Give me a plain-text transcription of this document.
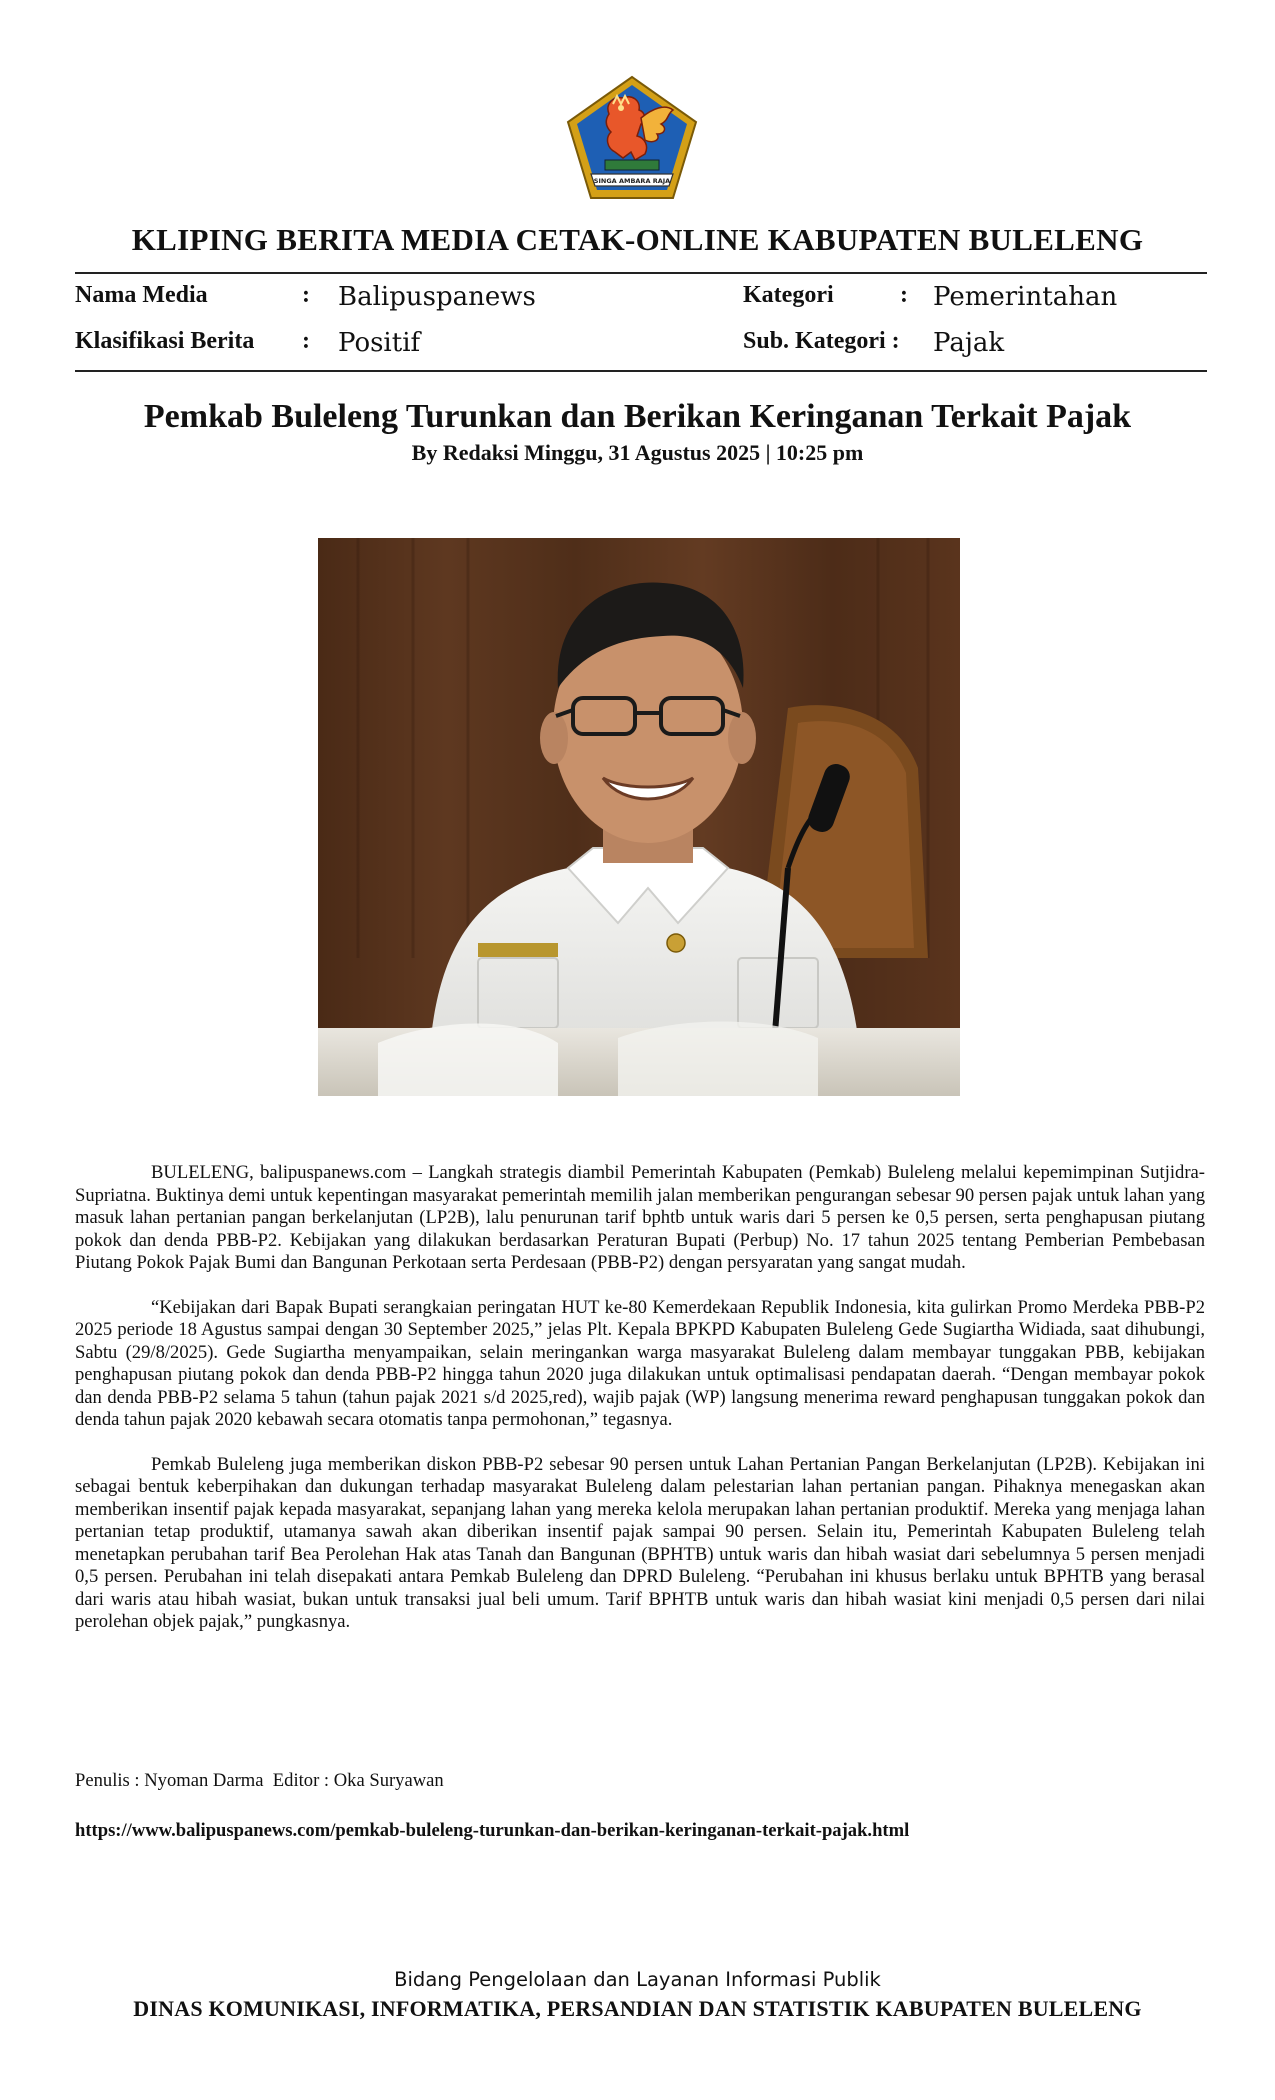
SINGA AMBARA RAJA
KLIPING BERITA MEDIA CETAK-ONLINE KABUPATEN BULELENG
Nama Media	: Balipuspanews	Kategori	: Pemerintahan
Klasifikasi Berita : Positif	Sub. Kategori : Pajak
Pemkab Buleleng Turunkan dan Berikan Keringanan Terkait Pajak
By Redaksi Minggu, 31 Agustus 2025 | 10:25 pm

BULELENG, balipuspanews.com – Langkah strategis diambil Pemerintah Kabupaten (Pemkab) Buleleng melalui kepemimpinan Sutjidra-Supriatna. Buktinya demi untuk kepentingan masyarakat pemerintah memilih jalan memberikan pengurangan sebesar 90 persen pajak untuk lahan yang masuk lahan pertanian pangan berkelanjutan (LP2B), lalu penurunan tarif bphtb untuk waris dari 5 persen ke 0,5 persen, serta penghapusan piutang pokok dan denda PBB-P2. Kebijakan yang dilakukan berdasarkan Peraturan Bupati (Perbup) No. 17 tahun 2025 tentang Pemberian Pembebasan Piutang Pokok Pajak Bumi dan Bangunan Perkotaan serta Perdesaan (PBB-P2) dengan persyaratan yang sangat mudah.

“Kebijakan dari Bapak Bupati serangkaian peringatan HUT ke-80 Kemerdekaan Republik Indonesia, kita gulirkan Promo Merdeka PBB-P2 2025 periode 18 Agustus sampai dengan 30 September 2025,” jelas Plt. Kepala BPKPD Kabupaten Buleleng Gede Sugiartha Widiada, saat dihubungi, Sabtu (29/8/2025). Gede Sugiartha menyampaikan, selain meringankan warga masyarakat Buleleng dalam membayar tunggakan PBB, kebijakan penghapusan piutang pokok dan denda PBB-P2 hingga tahun 2020 juga dilakukan untuk optimalisasi pendapatan daerah. “Dengan membayar pokok dan denda PBB-P2 selama 5 tahun (tahun pajak 2021 s/d 2025,red), wajib pajak (WP) langsung menerima reward penghapusan tunggakan pokok dan denda tahun pajak 2020 kebawah secara otomatis tanpa permohonan,” tegasnya.

Pemkab Buleleng juga memberikan diskon PBB-P2 sebesar 90 persen untuk Lahan Pertanian Pangan Berkelanjutan (LP2B). Kebijakan ini sebagai bentuk keberpihakan dan dukungan terhadap masyarakat Buleleng dalam pelestarian lahan pertanian pangan. Pihaknya menegaskan akan memberikan insentif pajak kepada masyarakat, sepanjang lahan yang mereka kelola merupakan lahan pertanian produktif. Mereka yang menjaga lahan pertanian tetap produktif, utamanya sawah akan diberikan insentif pajak sampai 90 persen. Selain itu, Pemerintah Kabupaten Buleleng telah menetapkan perubahan tarif Bea Perolehan Hak atas Tanah dan Bangunan (BPHTB) untuk waris dan hibah wasiat dari sebelumnya 5 persen menjadi 0,5 persen. Perubahan ini telah disepakati antara Pemkab Buleleng dan DPRD Buleleng. “Perubahan ini khusus berlaku untuk BPHTB yang berasal dari waris atau hibah wasiat, bukan untuk transaksi jual beli umum. Tarif BPHTB untuk waris dan hibah wasiat kini menjadi 0,5 persen dari nilai perolehan objek pajak,” pungkasnya.

Penulis : Nyoman Darma  Editor : Oka Suryawan
https://www.balipuspanews.com/pemkab-buleleng-turunkan-dan-berikan-keringanan-terkait-pajak.html
Bidang Pengelolaan dan Layanan Informasi Publik
DINAS KOMUNIKASI, INFORMATIKA, PERSANDIAN DAN STATISTIK KABUPATEN BULELENG
